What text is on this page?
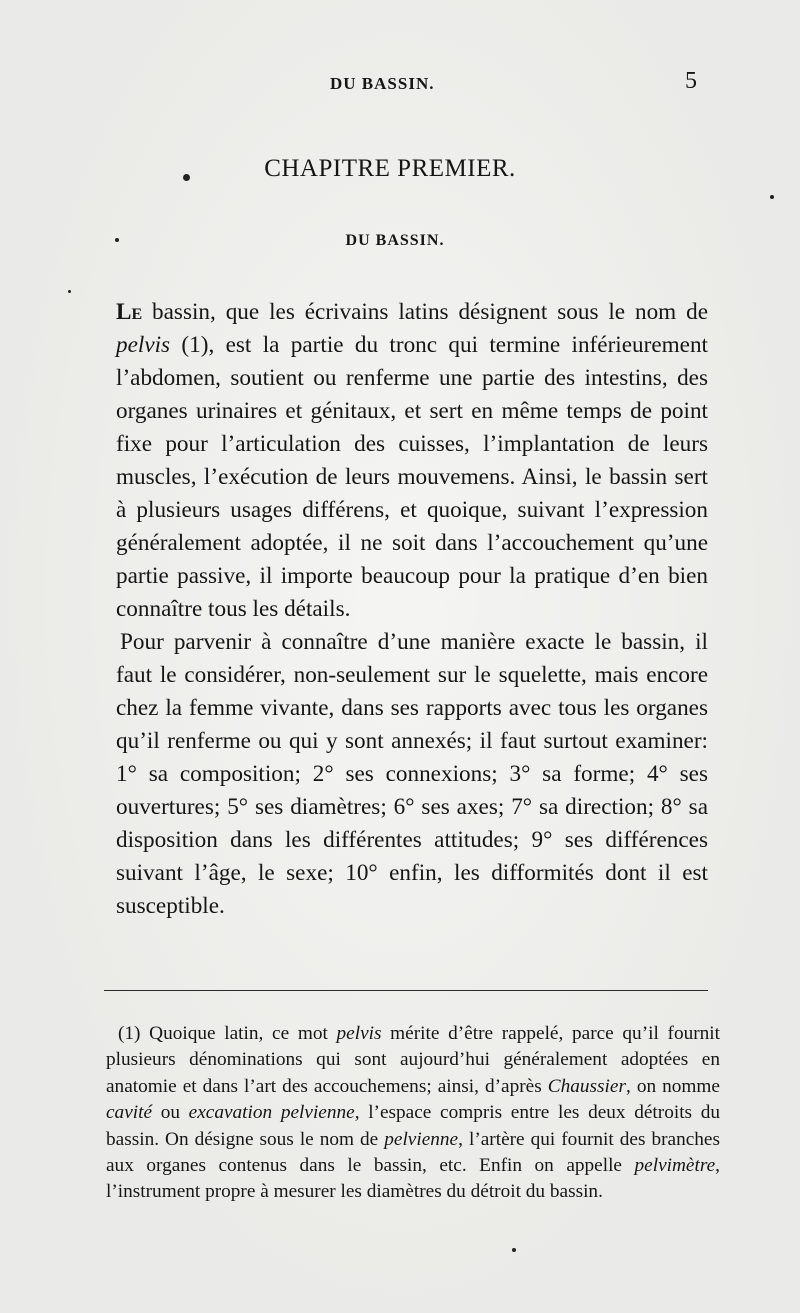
DU BASSIN.	5
CHAPITRE PREMIER.
DU BASSIN.

Le bassin, que les écrivains latins désignent sous le nom de pelvis (1), est la partie du tronc qui termine inférieurement l’abdomen, soutient ou renferme une partie des intestins, des organes urinaires et génitaux, et sert en même temps de point fixe pour l’articulation des cuisses, l’implantation de leurs muscles, l’exécution de leurs mouvemens. Ainsi, le bassin sert à plusieurs usages différens, et quoique, suivant l’expression généralement adoptée, il ne soit dans l’accouchement qu’une partie passive, il importe beaucoup pour la pratique d’en bien connaître tous les détails.

Pour parvenir à connaître d’une manière exacte le bassin, il faut le considérer, non-seulement sur le squelette, mais encore chez la femme vivante, dans ses rapports avec tous les organes qu’il renferme ou qui y sont annexés; il faut surtout examiner: 1° sa composition; 2° ses connexions; 3° sa forme; 4° ses ouvertures; 5° ses diamètres; 6° ses axes; 7° sa direction; 8° sa disposition dans les différentes attitudes; 9° ses différences suivant l’âge, le sexe; 10° enfin, les difformités dont il est susceptible.

(1) Quoique latin, ce mot pelvis mérite d’être rappelé, parce qu’il fournit plusieurs dénominations qui sont aujourd’hui généralement adoptées en anatomie et dans l’art des accouchemens; ainsi, d’après Chaussier, on nomme cavité ou excavation pelvienne, l’espace compris entre les deux détroits du bassin. On désigne sous le nom de pelvienne, l’artère qui fournit des branches aux organes contenus dans le bassin, etc. Enfin on appelle pelvimètre, l’instrument propre à mesurer les diamètres du détroit du bassin.
